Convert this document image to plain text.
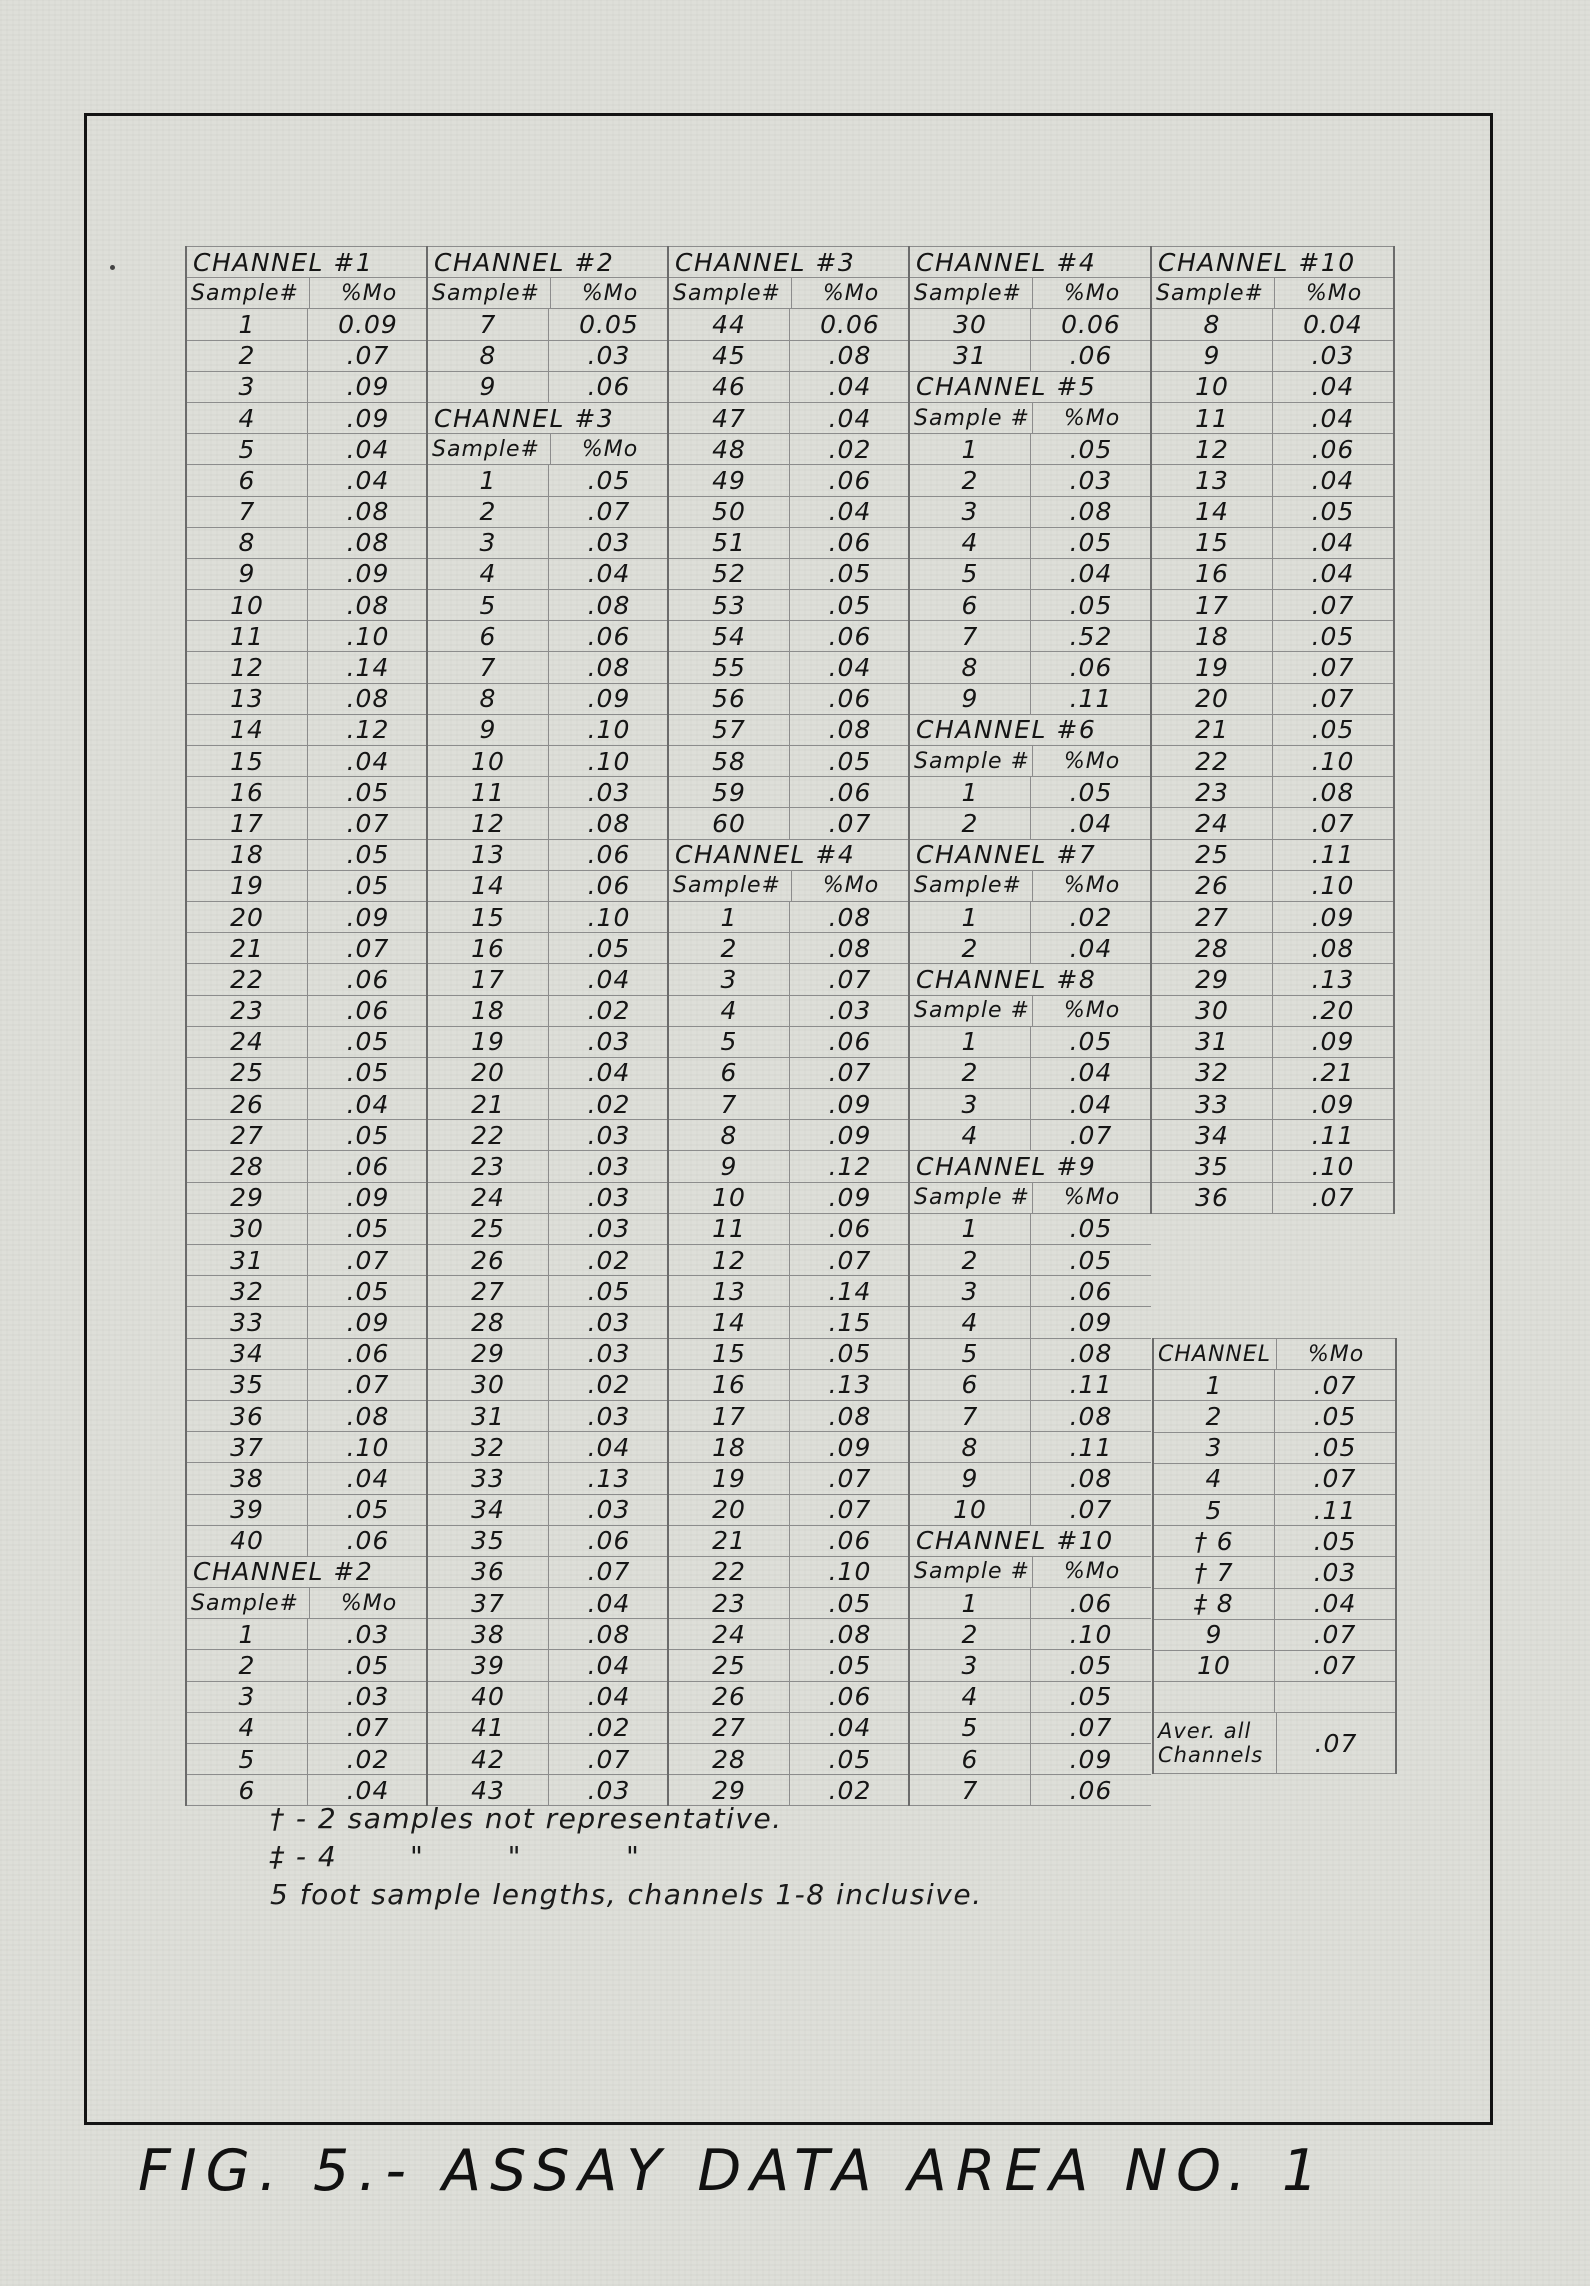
CHANNEL #1
Sample#	%Mo
1	0.09
2	.07
3	.09
4	.09
5	.04
6	.04
7	.08
8	.08
9	.09
10	.08
11	.10
12	.14
13	.08
14	.12
15	.04
16	.05
17	.07
18	.05
19	.05
20	.09
21	.07
22	.06
23	.06
24	.05
25	.05
26	.04
27	.05
28	.06
29	.09
30	.05
31	.07
32	.05
33	.09
34	.06
35	.07
36	.08
37	.10
38	.04
39	.05
40	.06
CHANNEL #2
Sample#	%Mo
1	.03
2	.05
3	.03
4	.07
5	.02
6	.04
CHANNEL #2
Sample#	%Mo
7	0.05
8	.03
9	.06
CHANNEL #3
Sample#	%Mo
1	.05
2	.07
3	.03
4	.04
5	.08
6	.06
7	.08
8	.09
9	.10
10	.10
11	.03
12	.08
13	.06
14	.06
15	.10
16	.05
17	.04
18	.02
19	.03
20	.04
21	.02
22	.03
23	.03
24	.03
25	.03
26	.02
27	.05
28	.03
29	.03
30	.02
31	.03
32	.04
33	.13
34	.03
35	.06
36	.07
37	.04
38	.08
39	.04
40	.04
41	.02
42	.07
43	.03
CHANNEL #3
Sample#	%Mo
44	0.06
45	.08
46	.04
47	.04
48	.02
49	.06
50	.04
51	.06
52	.05
53	.05
54	.06
55	.04
56	.06
57	.08
58	.05
59	.06
60	.07
CHANNEL #4
Sample#	%Mo
1	.08
2	.08
3	.07
4	.03
5	.06
6	.07
7	.09
8	.09
9	.12
10	.09
11	.06
12	.07
13	.14
14	.15
15	.05
16	.13
17	.08
18	.09
19	.07
20	.07
21	.06
22	.10
23	.05
24	.08
25	.05
26	.06
27	.04
28	.05
29	.02
CHANNEL #4
Sample#	%Mo
30	0.06
31	.06
CHANNEL #5
Sample #	%Mo
1	.05
2	.03
3	.08
4	.05
5	.04
6	.05
7	.52
8	.06
9	.11
CHANNEL #6
Sample #	%Mo
1	.05
2	.04
CHANNEL #7
Sample#	%Mo
1	.02
2	.04
CHANNEL #8
Sample #	%Mo
1	.05
2	.04
3	.04
4	.07
CHANNEL #9
Sample #	%Mo
1	.05
2	.05
3	.06
4	.09
5	.08
6	.11
7	.08
8	.11
9	.08
10	.07
CHANNEL #10
Sample #	%Mo
1	.06
2	.10
3	.05
4	.05
5	.07
6	.09
7	.06
CHANNEL #10
Sample#	%Mo
8	0.04
9	.03
10	.04
11	.04
12	.06
13	.04
14	.05
15	.04
16	.04
17	.07
18	.05
19	.07
20	.07
21	.05
22	.10
23	.08
24	.07
25	.11
26	.10
27	.09
28	.08
29	.13
30	.20
31	.09
32	.21
33	.09
34	.11
35	.10
36	.07
CHANNEL	%Mo
1	.07
2	.05
3	.05
4	.07
5	.11
† 6	.05
† 7	.03
‡ 8	.04
9	.07
10	.07
Aver. all
Channels	.07
† - 2 samples not representative.
‡ - 4       "        "          "
5 foot sample lengths, channels 1-8 inclusive.
FIG. 5.- ASSAY DATA AREA NO. 1
